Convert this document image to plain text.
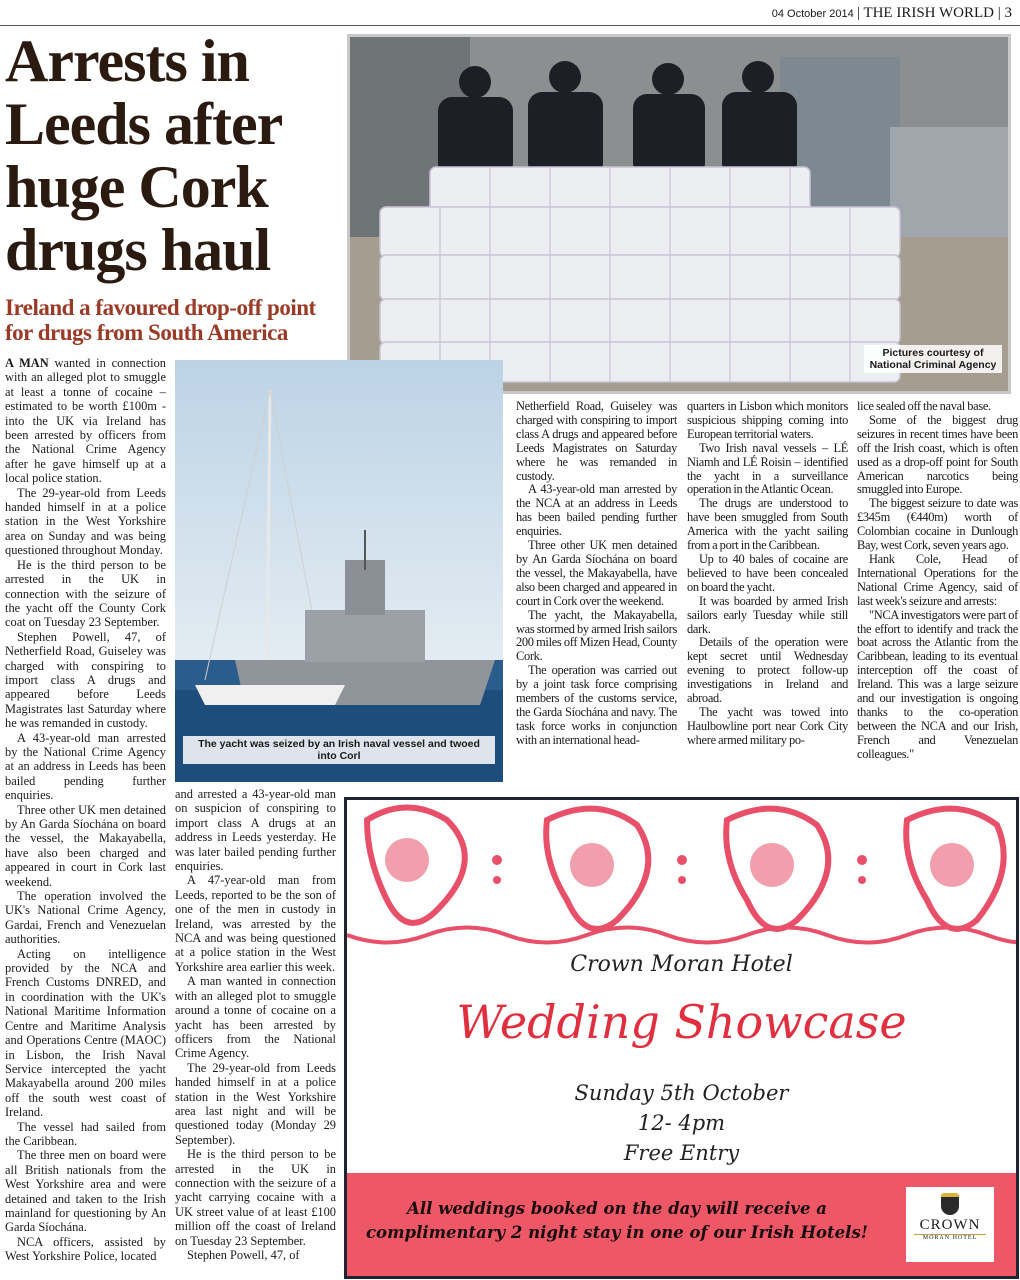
04 October 2014 | THE IRISH WORLD | 3
Arrests in Leeds after huge Cork drugs haul
Ireland a favoured drop-off point for drugs from South America
Pictures courtesy of National Criminal Agency
The yacht was seized by an Irish naval vessel and twoed into Corl

A MAN wanted in connection with an alleged plot to smuggle at least a tonne of cocaine – estimated to be worth £100m - into the UK via Ireland has been arrested by officers from the National Crime Agency after he gave himself up at a local police station.

The 29-year-old from Leeds handed himself in at a police station in the West Yorkshire area on Sunday and was being questioned throughout Monday.

He is the third person to be arrested in the UK in connection with the seizure of the yacht off the County Cork coat on Tuesday 23 September.

Stephen Powell, 47, of Netherfield Road, Guiseley was charged with conspiring to import class A drugs and appeared before Leeds Magistrates last Saturday where he was remanded in custody.

A 43-year-old man arrested by the National Crime Agency at an address in Leeds has been bailed pending further enquiries.

Three other UK men detained by An Garda Síochána on board the vessel, the Makayabella, have also been charged and appeared in court in Cork last weekend.

The operation involved the UK's National Crime Agency, Gardai, French and Venezuelan authorities.

Acting on intelligence provided by the NCA and French Customs DNRED, and in coordination with the UK's National Maritime Information Centre and Maritime Analysis and Operations Centre (MAOC) in Lisbon, the Irish Naval Service intercepted the yacht Makayabella around 200 miles off the south west coast of Ireland.

The vessel had sailed from the Caribbean.

The three men on board were all British nationals from the West Yorkshire area and were detained and taken to the Irish mainland for questioning by An Garda Síochána.

NCA officers, assisted by West Yorkshire Police, located

and arrested a 43-year-old man on suspicion of conspiring to import class A drugs at an address in Leeds yesterday. He was later bailed pending further enquiries.

A 47-year-old man from Leeds, reported to be the son of one of the men in custody in Ireland, was arrested by the NCA and was being questioned at a police station in the West Yorkshire area earlier this week.

A man wanted in connection with an alleged plot to smuggle around a tonne of cocaine on a yacht has been arrested by officers from the National Crime Agency.

The 29-year-old from Leeds handed himself in at a police station in the West Yorkshire area last night and will be questioned today (Monday 29 September).

He is the third person to be arrested in the UK in connection with the seizure of a yacht carrying cocaine with a UK street value of at least £100 million off the coast of Ireland on Tuesday 23 September.

Stephen Powell, 47, of

Netherfield Road, Guiseley was charged with conspiring to import class A drugs and appeared before Leeds Magistrates on Saturday where he was remanded in custody.

A 43-year-old man arrested by the NCA at an address in Leeds has been bailed pending further enquiries.

Three other UK men detained by An Garda Síochána on board the vessel, the Makayabella, have also been charged and appeared in court in Cork over the weekend.

The yacht, the Makayabella, was stormed by armed Irish sailors 200 miles off Mizen Head, County Cork.

The operation was carried out by a joint task force comprising members of the customs service, the Garda Síochána and navy. The task force works in conjunction with an international head-

quarters in Lisbon which monitors suspicious shipping coming into European territorial waters.

Two Irish naval vessels – LÉ Niamh and LÉ Roisin – identified the yacht in a surveillance operation in the Atlantic Ocean.

The drugs are understood to have been smuggled from South America with the yacht sailing from a port in the Caribbean.

Up to 40 bales of cocaine are believed to have been concealed on board the yacht.

It was boarded by armed Irish sailors early Tuesday while still dark.

Details of the operation were kept secret until Wednesday evening to protect follow-up investigations in Ireland and abroad.

The yacht was towed into Haulbowline port near Cork City where armed military po-

lice sealed off the naval base.

Some of the biggest drug seizures in recent times have been off the Irish coast, which is often used as a drop-off point for South American narcotics being smuggled into Europe.

The biggest seizure to date was £345m (€440m) worth of Colombian cocaine in Dunlough Bay, west Cork, seven years ago.

Hank Cole, Head of International Operations for the National Crime Agency, said of last week's seizure and arrests:

"NCA investigators were part of the effort to identify and track the boat across the Atlantic from the Caribbean, leading to its eventual interception off the coast of Ireland. This was a large seizure and our investigation is ongoing thanks to the co-operation between the NCA and our Irish, French and Venezuelan colleagues."

Crown Moran Hotel
Wedding Showcase
Sunday 5th October
12- 4pm
Free Entry
All weddings booked on the day will receive a complimentary 2 night stay in one of our Irish Hotels!	CROWN
MORAN HOTEL
